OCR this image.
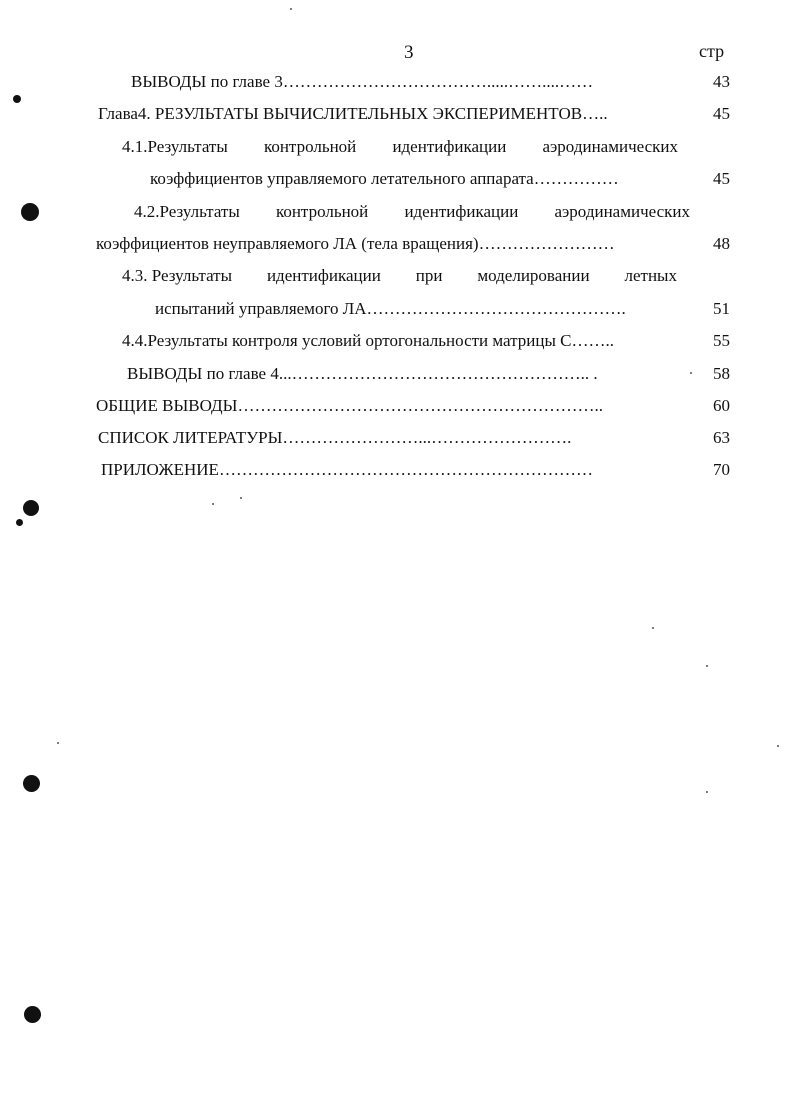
3	стр
ВЫВОДЫ по главе 3……………………………….....……....……	43
Глава4. РЕЗУЛЬТАТЫ ВЫЧИСЛИТЕЛЬНЫХ ЭКСПЕРИМЕНТОВ…..	45
4.1.Результаты контрольной идентификации аэродинамических
коэффициентов управляемого летательного аппарата……………	45
4.2.Результаты контрольной идентификации аэродинамических
коэффициентов неуправляемого ЛА (тела вращения)……………………	48
4.3. Результаты идентификации при моделировании летных
испытаний управляемого ЛА……………………………………….	51
4.4.Результаты контроля условий ортогональности матрицы С……..	55
ВЫВОДЫ по главе 4...…………………………………………….. .	58
ОБЩИЕ ВЫВОДЫ………………………………………………………..	60
СПИСОК ЛИТЕРАТУРЫ……………………...…………………….	63
ПРИЛОЖЕНИЕ…………………………………………………………	70
